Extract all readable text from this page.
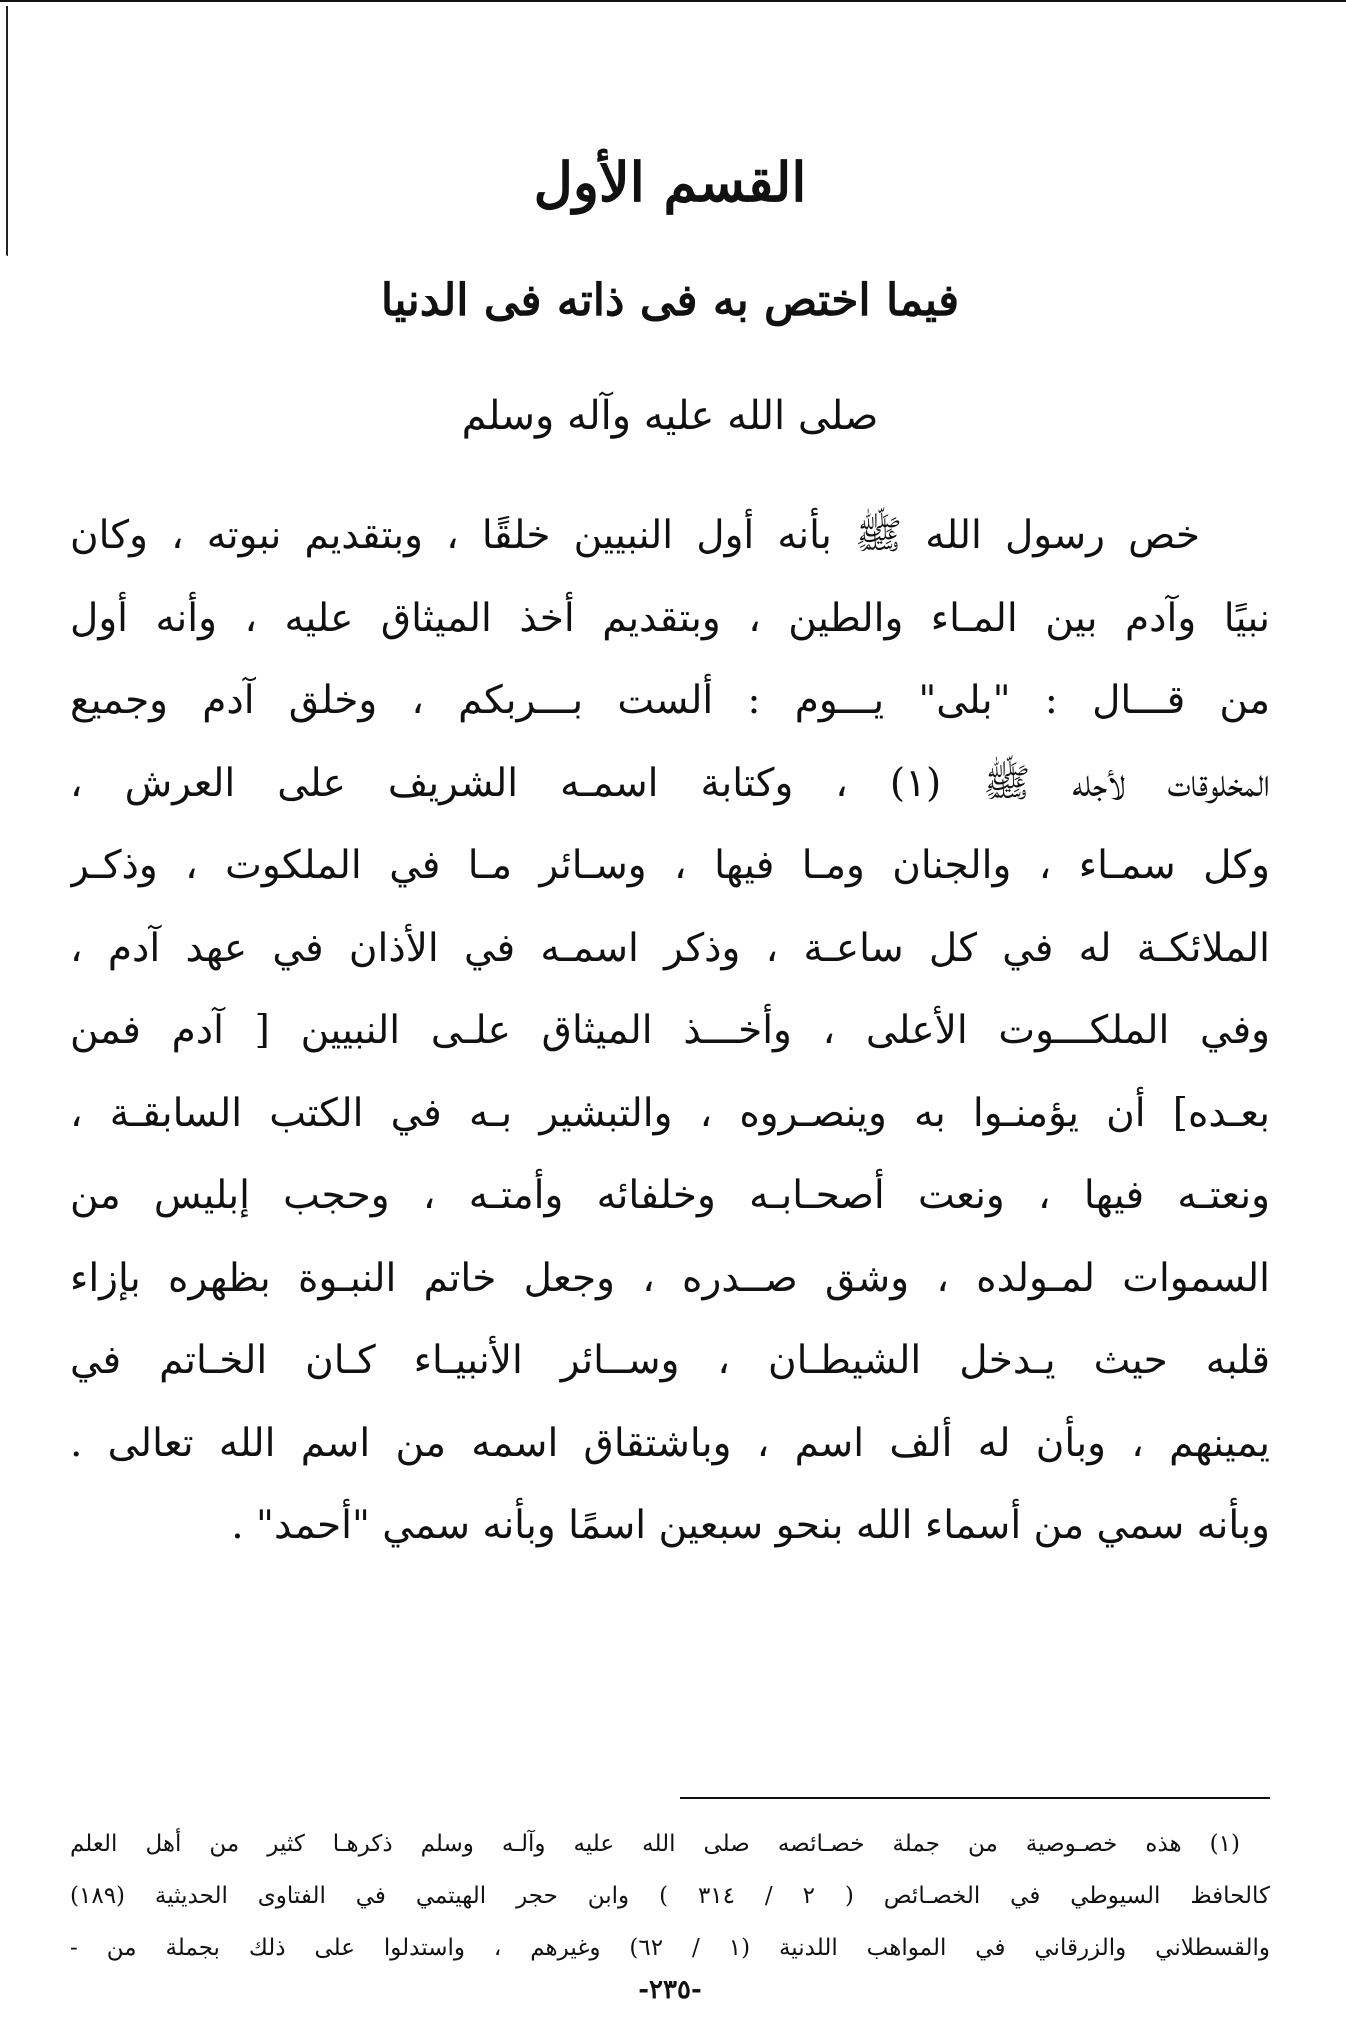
القسم الأول
فيما اختص به فى ذاته فى الدنيا

صلى الله عليه وآله وسلم

خص رسول الله ﷺ بأنه أول النبيين خلقًا ، وبتقديم نبوته ، وكان
نبيًا وآدم بين المـاء والطين ، وبتقديم أخذ الميثاق عليه ، وأنه أول
من قـــال : "بلى" يـــوم : ألست بـــربكم ، وخلق آدم وجميع
المخلوقات لأجله ﷺ (١) ، وكتابة اسمـه الشريف على العرش ،
وكل سمـاء ، والجنان ومـا فيها ، وسـائر مـا في الملكوت ، وذكـر
الملائكـة له في كل ساعـة ، وذكر اسمـه في الأذان في عهد آدم ،
وفي الملكـــوت الأعلى ، وأخـــذ الميثاق علـى النبيين [ آدم فمن
بعـده] أن يؤمنـوا به وينصـروه ، والتبشير بـه في الكتب السابقـة ،
ونعتـه فيها ، ونعت أصحـابـه وخلفائه وأمتـه ، وحجب إبليس من
السموات لمـولده ، وشق صــدره ، وجعل خاتم النبـوة بظهره بإزاء
قلبه حيث يـدخل الشيطـان ، وســائر الأنبيـاء كـان الخـاتم في
يمينهم ، وبأن له ألف اسم ، وباشتقاق اسمه من اسم الله تعالى .
وبأنه سمي من أسماء الله بنحو سبعين اسمًا وبأنه سمي "أحمد" .
(١) هذه خصـوصية من جملة خصـائصه صلى الله عليه وآلـه وسلم ذكرهـا كثير من أهل العلم
كالحافظ السيوطي في الخصـائص ( ٢ / ٣١٤ ) وابن حجر الهيتمي في الفتاوى الحديثية (١٨٩)
والقسطلاني والزرقاني في المواهب اللدنية (١ / ٦٢) وغيرهم ، واستدلوا على ذلك بجملة من -

-٢٣٥-
